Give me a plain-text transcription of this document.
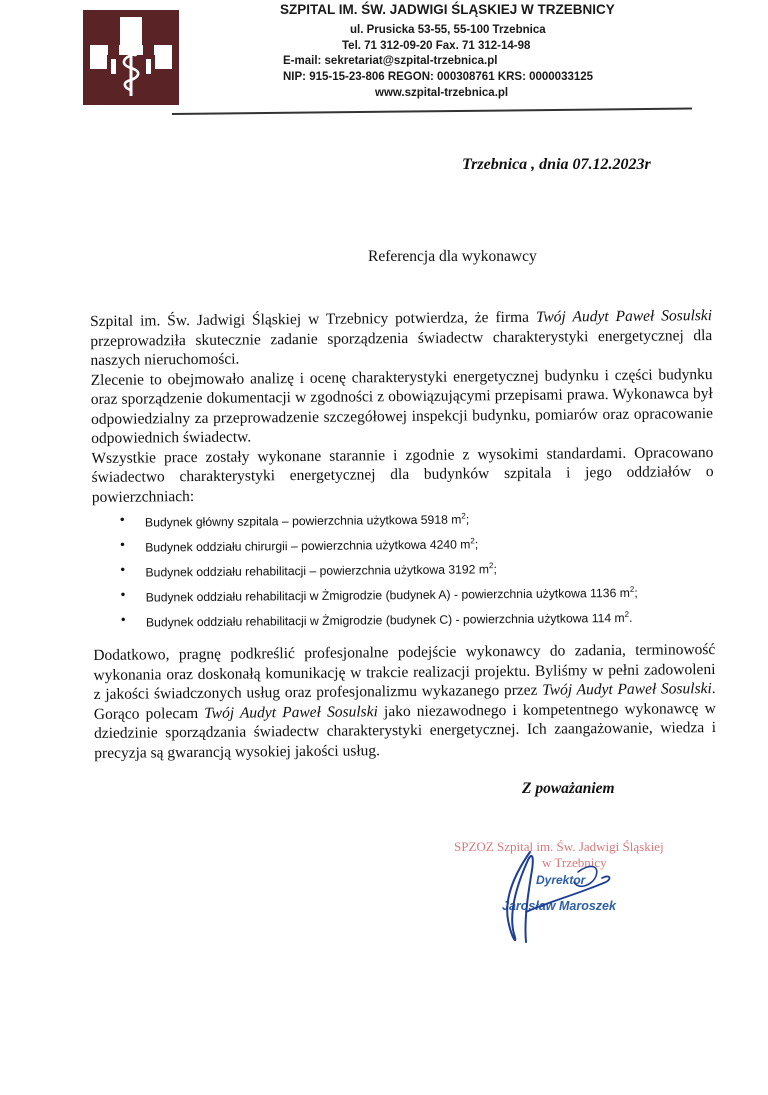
SZPITAL IM. ŚW. JADWIGI ŚLĄSKIEJ W TRZEBNICY
ul. Prusicka 53-55, 55-100 Trzebnica
Tel. 71 312-09-20 Fax. 71 312-14-98
E-mail: sekretariat@szpital-trzebnica.pl
NIP: 915-15-23-806 REGON: 000308761 KRS: 0000033125
www.szpital-trzebnica.pl
Trzebnica , dnia 07.12.2023r
Referencja dla wykonawcy

Szpital im. Św. Jadwigi Śląskiej w Trzebnicy potwierdza, że firma Twój Audyt Paweł Sosulski przeprowadziła skutecznie zadanie sporządzenia świadectw charakterystyki energetycznej dla naszych nieruchomości.

Zlecenie to obejmowało analizę i ocenę charakterystyki energetycznej budynku i części budynku oraz sporządzenie dokumentacji w zgodności z obowiązującymi przepisami prawa. Wykonawca był odpowiedzialny za przeprowadzenie szczegółowej inspekcji budynku, pomiarów oraz opracowanie odpowiednich świadectw.

Wszystkie prace zostały wykonane starannie i zgodnie z wysokimi standardami. Opracowano świadectwo charakterystyki energetycznej dla budynków szpitala i jego oddziałów o powierzchniach:

• Budynek główny szpitala – powierzchnia użytkowa 5918 $m^2$;
• Budynek oddziału chirurgii – powierzchnia użytkowa 4240 $m^2$;
• Budynek oddziału rehabilitacji – powierzchnia użytkowa 3192 $m^2$;
• Budynek oddziału rehabilitacji w Żmigrodzie (budynek A) - powierzchnia użytkowa 1136 $m^2$;
• Budynek oddziału rehabilitacji w Żmigrodzie (budynek C) - powierzchnia użytkowa 114 $m^2$.

Dodatkowo, pragnę podkreślić profesjonalne podejście wykonawcy do zadania, terminowość wykonania oraz doskonałą komunikację w trakcie realizacji projektu. Byliśmy w pełni zadowoleni z jakości świadczonych usług oraz profesjonalizmu wykazanego przez Twój Audyt Paweł Sosulski. Gorąco polecam Twój Audyt Paweł Sosulski jako niezawodnego i kompetentnego wykonawcę w dziedzinie sporządzania świadectw charakterystyki energetycznej. Ich zaangażowanie, wiedza i precyzja są gwarancją wysokiej jakości usług.

Z poważaniem
SPZOZ Szpital im. Św. Jadwigi Śląskiej
w Trzebnicy
Dyrektor
Jarosław Maroszek
